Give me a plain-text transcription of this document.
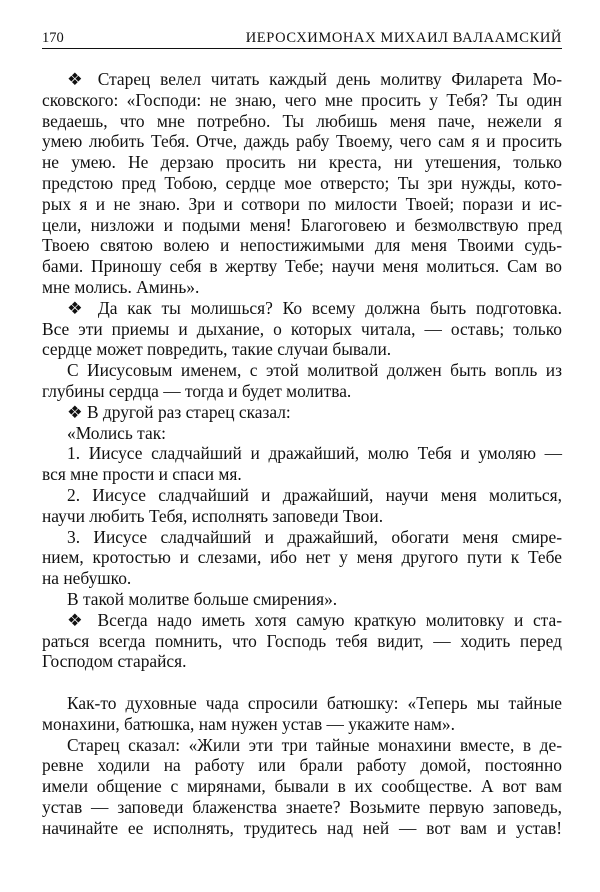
170	ИЕРОСХИМОНАХ МИХАИЛ ВАЛААМСКИЙ
❖ Старец велел читать каждый день молитву Филарета Мо-
сковского: «Господи: не знаю, чего мне просить у Тебя? Ты один
ведаешь, что мне потребно. Ты любишь меня паче, нежели я
умею любить Тебя. Отче, даждь рабу Твоему, чего сам я и просить
не умею. Не дерзаю просить ни креста, ни утешения, только
предстою пред Тобою, сердце мое отверсто; Ты зри нужды, кото-
рых я и не знаю. Зри и сотвори по милости Твоей; порази и ис-
цели, низложи и подыми меня! Благоговею и безмолвствую пред
Твоею святою волею и непостижимыми для меня Твоими судь-
бами. Приношу себя в жертву Тебе; научи меня молиться. Сам во
мне молись. Аминь».
❖ Да как ты молишься? Ко всему должна быть подготовка.
Все эти приемы и дыхание, о которых читала, — оставь; только
сердце может повредить, такие случаи бывали.
С Иисусовым именем, с этой молитвой должен быть вопль из
глубины сердца — тогда и будет молитва.
❖ В другой раз старец сказал:
«Молись так:
1. Иисусе сладчайший и дражайший, молю Тебя и умоляю —
вся мне прости и спаси мя.
2. Иисусе сладчайший и дражайший, научи меня молиться,
научи любить Тебя, исполнять заповеди Твои.
3. Иисусе сладчайший и дражайший, обогати меня смире-
нием, кротостью и слезами, ибо нет у меня другого пути к Тебе
на небушко.
В такой молитве больше смирения».
❖ Всегда надо иметь хотя самую краткую молитовку и ста-
раться всегда помнить, что Господь тебя видит, — ходить перед
Господом старайся.
Как-то духовные чада спросили батюшку: «Теперь мы тайные
монахини, батюшка, нам нужен устав — укажите нам».
Старец сказал: «Жили эти три тайные монахини вместе, в де-
ревне ходили на работу или брали работу домой, постоянно
имели общение с мирянами, бывали в их сообществе. А вот вам
устав — заповеди блаженства знаете? Возьмите первую заповедь,
начинайте ее исполнять, трудитесь над ней — вот вам и устав!
